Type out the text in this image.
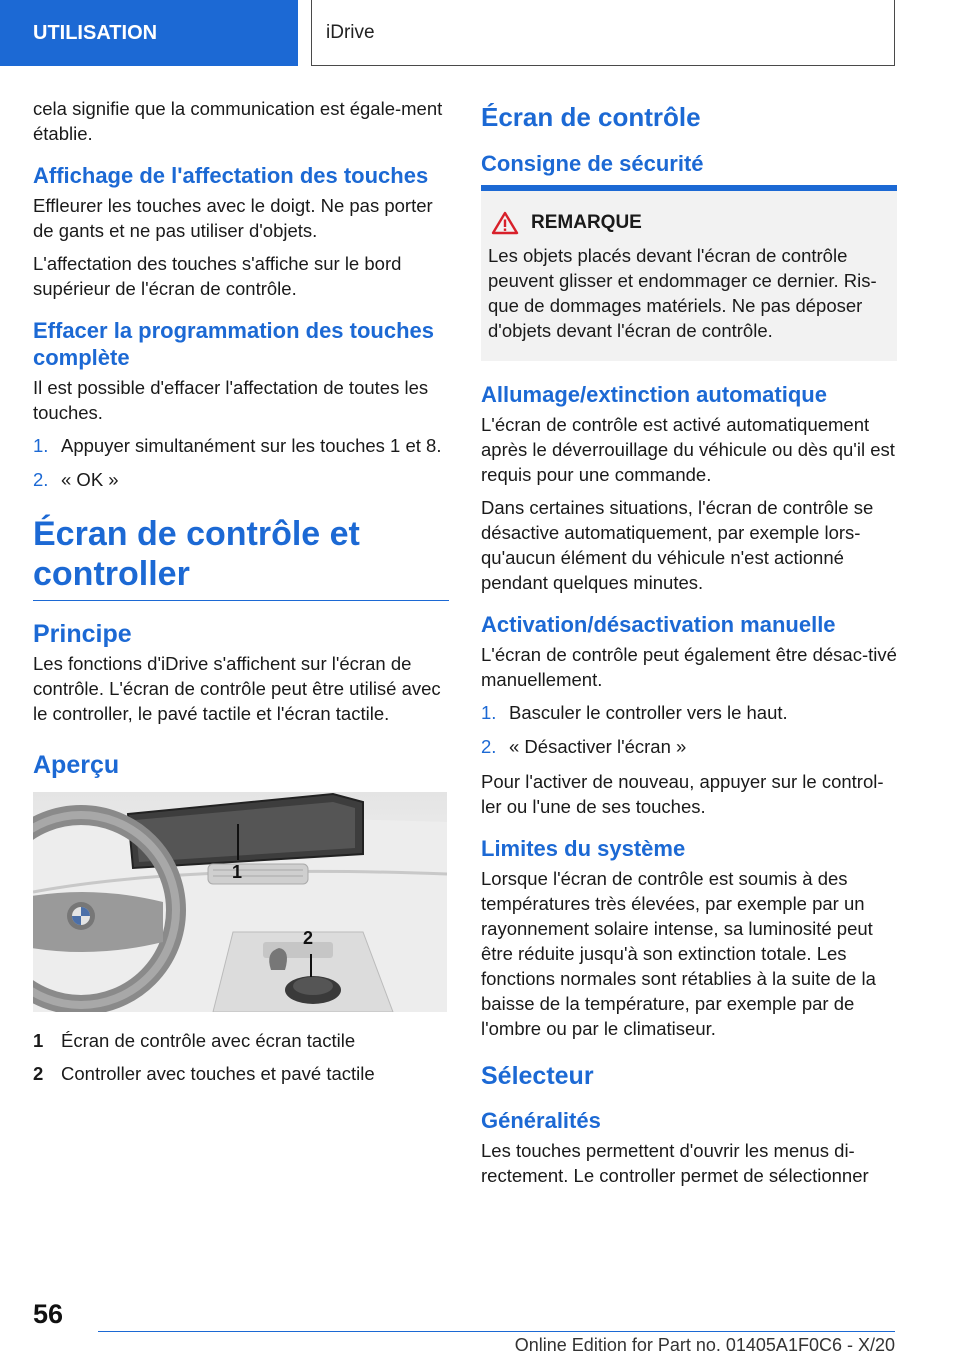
UTILISATION	iDrive

cela signifie que la communication est égale-ment établie.

Affichage de l'affectation des touches

Effleurer les touches avec le doigt. Ne pas porter de gants et ne pas utiliser d'objets.

L'affectation des touches s'affiche sur le bord supérieur de l'écran de contrôle.

Effacer la programmation des touches complète

Il est possible d'effacer l'affectation de toutes les touches.

1. Appuyer simultanément sur les touches 1 et 8.
2. « OK »
Écran de contrôle et controller
Principe

Les fonctions d'iDrive s'affichent sur l'écran de contrôle. L'écran de contrôle peut être utilisé avec le controller, le pavé tactile et l'écran tactile.

Aperçu
1
2
1 Écran de contrôle avec écran tactile
2 Controller avec touches et pavé tactile
Écran de contrôle
Consigne de sécurité
REMARQUE

Les objets placés devant l'écran de contrôle peuvent glisser et endommager ce dernier. Ris-que de dommages matériels. Ne pas déposer d'objets devant l'écran de contrôle.

Allumage/extinction automatique

L'écran de contrôle est activé automatiquement après le déverrouillage du véhicule ou dès qu'il est requis pour une commande.

Dans certaines situations, l'écran de contrôle se désactive automatiquement, par exemple lors-qu'aucun élément du véhicule n'est actionné pendant quelques minutes.

Activation/désactivation manuelle

L'écran de contrôle peut également être désac-tivé manuellement.

1. Basculer le controller vers le haut.
2. « Désactiver l'écran »

Pour l'activer de nouveau, appuyer sur le control-ler ou l'une de ses touches.

Limites du système

Lorsque l'écran de contrôle est soumis à des températures très élevées, par exemple par un rayonnement solaire intense, sa luminosité peut être réduite jusqu'à son extinction totale. Les fonctions normales sont rétablies à la suite de la baisse de la température, par exemple par de l'ombre ou par le climatiseur.

Sélecteur
Généralités

Les touches permettent d'ouvrir les menus di-rectement. Le controller permet de sélectionner

56
Online Edition for Part no. 01405A1F0C6 - X/20
